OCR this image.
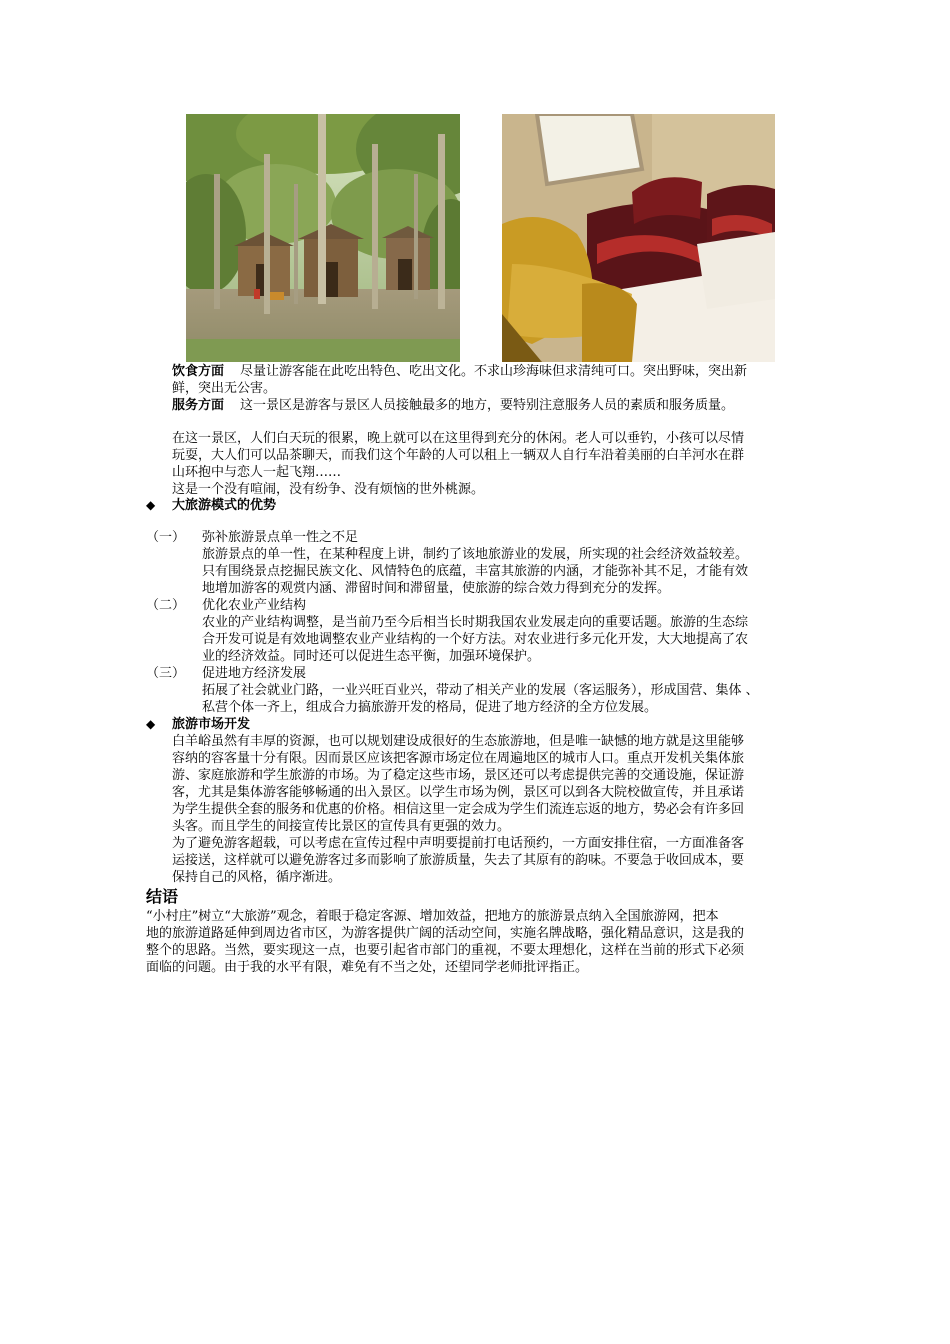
饮食方面 尽量让游客能在此吃出特色、吃出文化。不求山珍海味但求清纯可口。突出野味，突出新
鲜，突出无公害。
服务方面 这一景区是游客与景区人员接触最多的地方，要特别注意服务人员的素质和服务质量。
在这一景区，人们白天玩的很累，晚上就可以在这里得到充分的休闲。老人可以垂钓，小孩可以尽情
玩耍，大人们可以品茶聊天，而我们这个年龄的人可以租上一辆双人自行车沿着美丽的白羊河水在群
山环抱中与恋人一起飞翔……
这是一个没有喧闹，没有纷争、没有烦恼的世外桃源。
◆ 大旅游模式的优势
（一） 弥补旅游景点单一性之不足
旅游景点的单一性，在某种程度上讲，制约了该地旅游业的发展，所实现的社会经济效益较差。
只有围绕景点挖掘民族文化、风情特色的底蕴，丰富其旅游的内涵，才能弥补其不足，才能有效
地增加游客的观赏内涵、滞留时间和滞留量，使旅游的综合效力得到充分的发挥。
（二） 优化农业产业结构
农业的产业结构调整，是当前乃至今后相当长时期我国农业发展走向的重要话题。旅游的生态综
合开发可说是有效地调整农业产业结构的一个好方法。对农业进行多元化开发，大大地提高了农
业的经济效益。同时还可以促进生态平衡，加强环境保护。
（三） 促进地方经济发展
拓展了社会就业门路，一业兴旺百业兴，带动了相关产业的发展（客运服务），形成国营、集体 、
私营个体一齐上，组成合力搞旅游开发的格局，促进了地方经济的全方位发展。
◆ 旅游市场开发
白羊峪虽然有丰厚的资源，也可以规划建设成很好的生态旅游地，但是唯一缺憾的地方就是这里能够
容纳的容客量十分有限。因而景区应该把客源市场定位在周遍地区的城市人口。重点开发机关集体旅
游、家庭旅游和学生旅游的市场。为了稳定这些市场，景区还可以考虑提供完善的交通设施，保证游
客，尤其是集体游客能够畅通的出入景区。以学生市场为例，景区可以到各大院校做宣传，并且承诺
为学生提供全套的服务和优惠的价格。相信这里一定会成为学生们流连忘返的地方，势必会有许多回
头客。而且学生的间接宣传比景区的宣传具有更强的效力。
为了避免游客超载，可以考虑在宣传过程中声明要提前打电话预约，一方面安排住宿，一方面准备客
运接送，这样就可以避免游客过多而影响了旅游质量，失去了其原有的韵味。不要急于收回成本，要
保持自己的风格，循序渐进。
结语
“小村庄”树立“大旅游”观念，着眼于稳定客源、增加效益，把地方的旅游景点纳入全国旅游网，把本
地的旅游道路延伸到周边省市区，为游客提供广阔的活动空间，实施名牌战略，强化精品意识，这是我的
整个的思路。当然，要实现这一点，也要引起省市部门的重视，不要太理想化，这样在当前的形式下必须
面临的问题。由于我的水平有限，难免有不当之处，还望同学老师批评指正。
